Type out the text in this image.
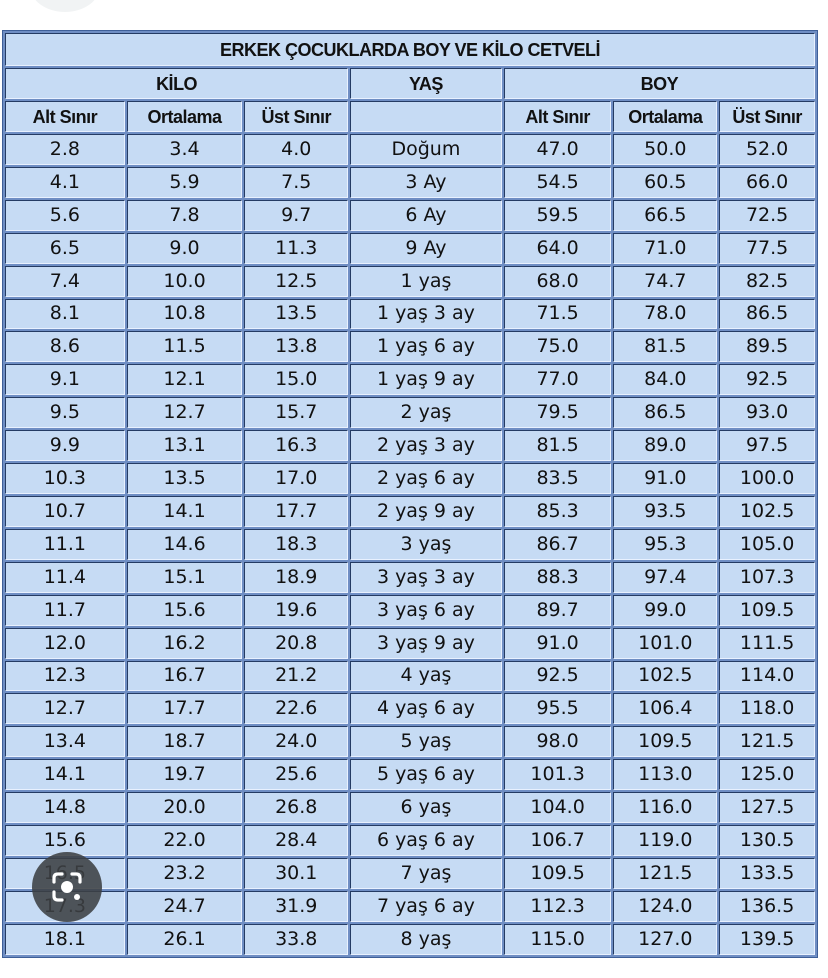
ERKEK ÇOCUKLARDA BOY VE KİLO CETVELİ						
KİLO			YAŞ	BOY		
Alt Sınır	Ortalama	Üst Sınır		Alt Sınır	Ortalama	Üst Sınır
2.8	3.4	4.0	Doğum	47.0	50.0	52.0
4.1	5.9	7.5	3 Ay	54.5	60.5	66.0
5.6	7.8	9.7	6 Ay	59.5	66.5	72.5
6.5	9.0	11.3	9 Ay	64.0	71.0	77.5
7.4	10.0	12.5	1 yaş	68.0	74.7	82.5
8.1	10.8	13.5	1 yaş 3 ay	71.5	78.0	86.5
8.6	11.5	13.8	1 yaş 6 ay	75.0	81.5	89.5
9.1	12.1	15.0	1 yaş 9 ay	77.0	84.0	92.5
9.5	12.7	15.7	2 yaş	79.5	86.5	93.0
9.9	13.1	16.3	2 yaş 3 ay	81.5	89.0	97.5
10.3	13.5	17.0	2 yaş 6 ay	83.5	91.0	100.0
10.7	14.1	17.7	2 yaş 9 ay	85.3	93.5	102.5
11.1	14.6	18.3	3 yaş	86.7	95.3	105.0
11.4	15.1	18.9	3 yaş 3 ay	88.3	97.4	107.3
11.7	15.6	19.6	3 yaş 6 ay	89.7	99.0	109.5
12.0	16.2	20.8	3 yaş 9 ay	91.0	101.0	111.5
12.3	16.7	21.2	4 yaş	92.5	102.5	114.0
12.7	17.7	22.6	4 yaş 6 ay	95.5	106.4	118.0
13.4	18.7	24.0	5 yaş	98.0	109.5	121.5
14.1	19.7	25.6	5 yaş 6 ay	101.3	113.0	125.0
14.8	20.0	26.8	6 yaş	104.0	116.0	127.5
15.6	22.0	28.4	6 yaş 6 ay	106.7	119.0	130.5
	23.2	30.1	7 yaş	109.5	121.5	133.5
	24.7	31.9	7 yaş 6 ay	112.3	124.0	136.5
18.1	26.1	33.8	8 yaş	115.0	127.0	139.5
